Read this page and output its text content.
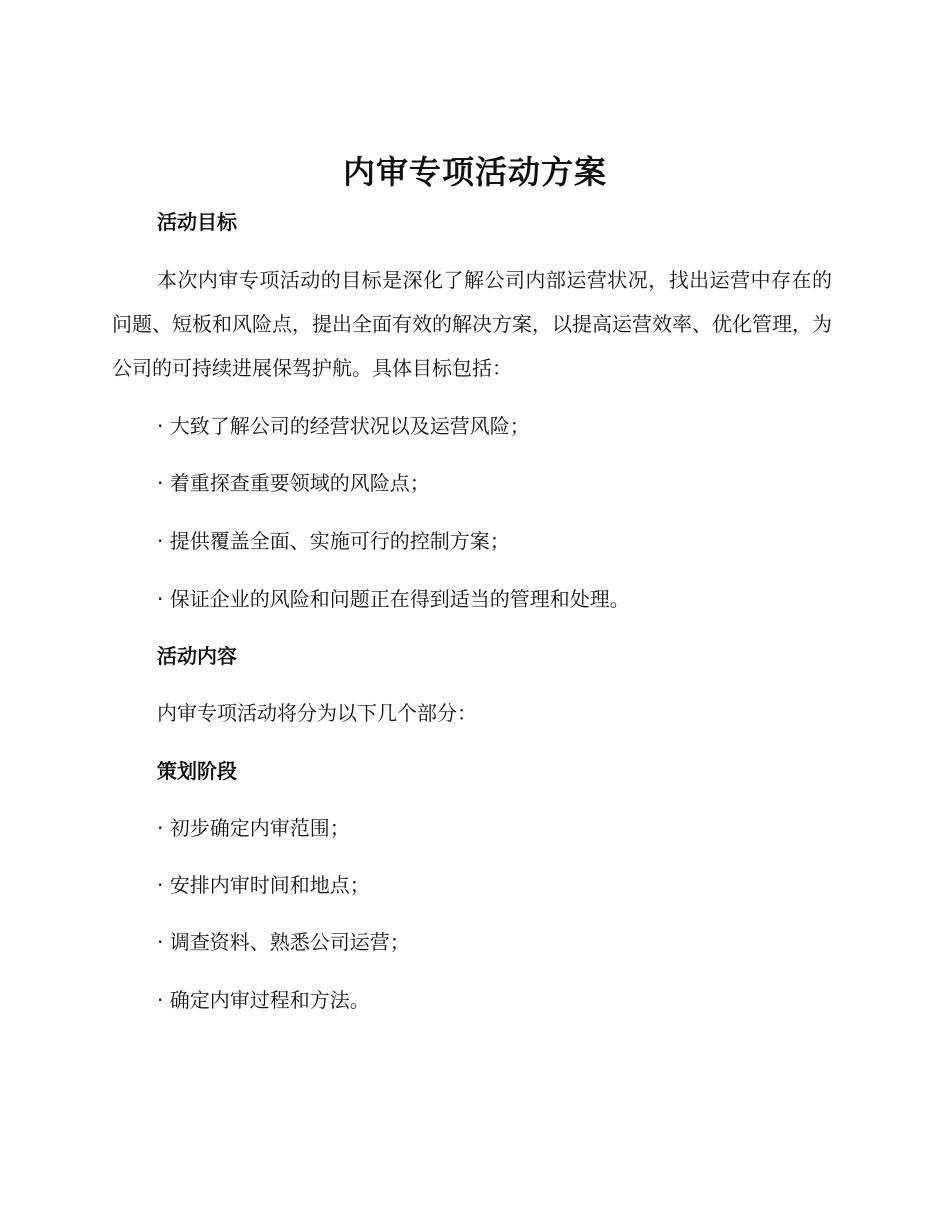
内审专项活动方案
活动目标
本次内审专项活动的目标是深化了解公司内部运营状况，找出运营中存在的问题、短板和风险点，提出全面有效的解决方案，以提高运营效率、优化管理，为公司的可持续进展保驾护航。具体目标包括：
· 大致了解公司的经营状况以及运营风险；
· 着重探查重要领域的风险点；
· 提供覆盖全面、实施可行的控制方案；
· 保证企业的风险和问题正在得到适当的管理和处理。
活动内容
内审专项活动将分为以下几个部分：
策划阶段
· 初步确定内审范围；
· 安排内审时间和地点；
· 调查资料、熟悉公司运营；
· 确定内审过程和方法。
